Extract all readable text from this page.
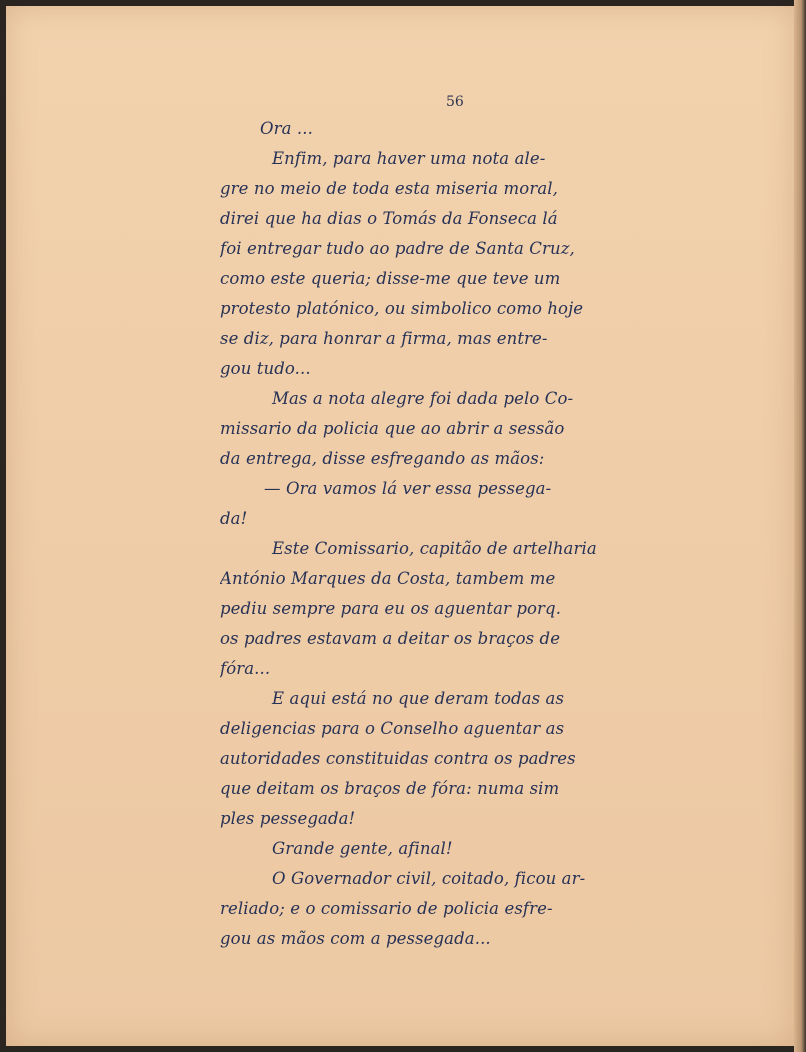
56
Ora ...
Enfim, para haver uma nota ale-
gre no meio de toda esta miseria moral,
direi que ha dias o Tomás da Fonseca lá
foi entregar tudo ao padre de Santa Cruz,
como este queria; disse-me que teve um
protesto platónico, ou simbolico como hoje
se diz, para honrar a firma, mas entre-
gou tudo...
Mas a nota alegre foi dada pelo Co-
missario da policia que ao abrir a sessão
da entrega, disse esfregando as mãos:
— Ora vamos lá ver essa pessega-
da!
Este Comissario, capitão de artelharia
António Marques da Costa, tambem me
pediu sempre para eu os aguentar porq.
os padres estavam a deitar os braços de
fóra...
E aqui está no que deram todas as
deligencias para o Conselho aguentar as
autoridades constituidas contra os padres
que deitam os braços de fóra: numa sim
ples pessegada!
Grande gente, afinal!
O Governador civil, coitado, ficou ar-
reliado; e o comissario de policia esfre-
gou as mãos com a pessegada...
